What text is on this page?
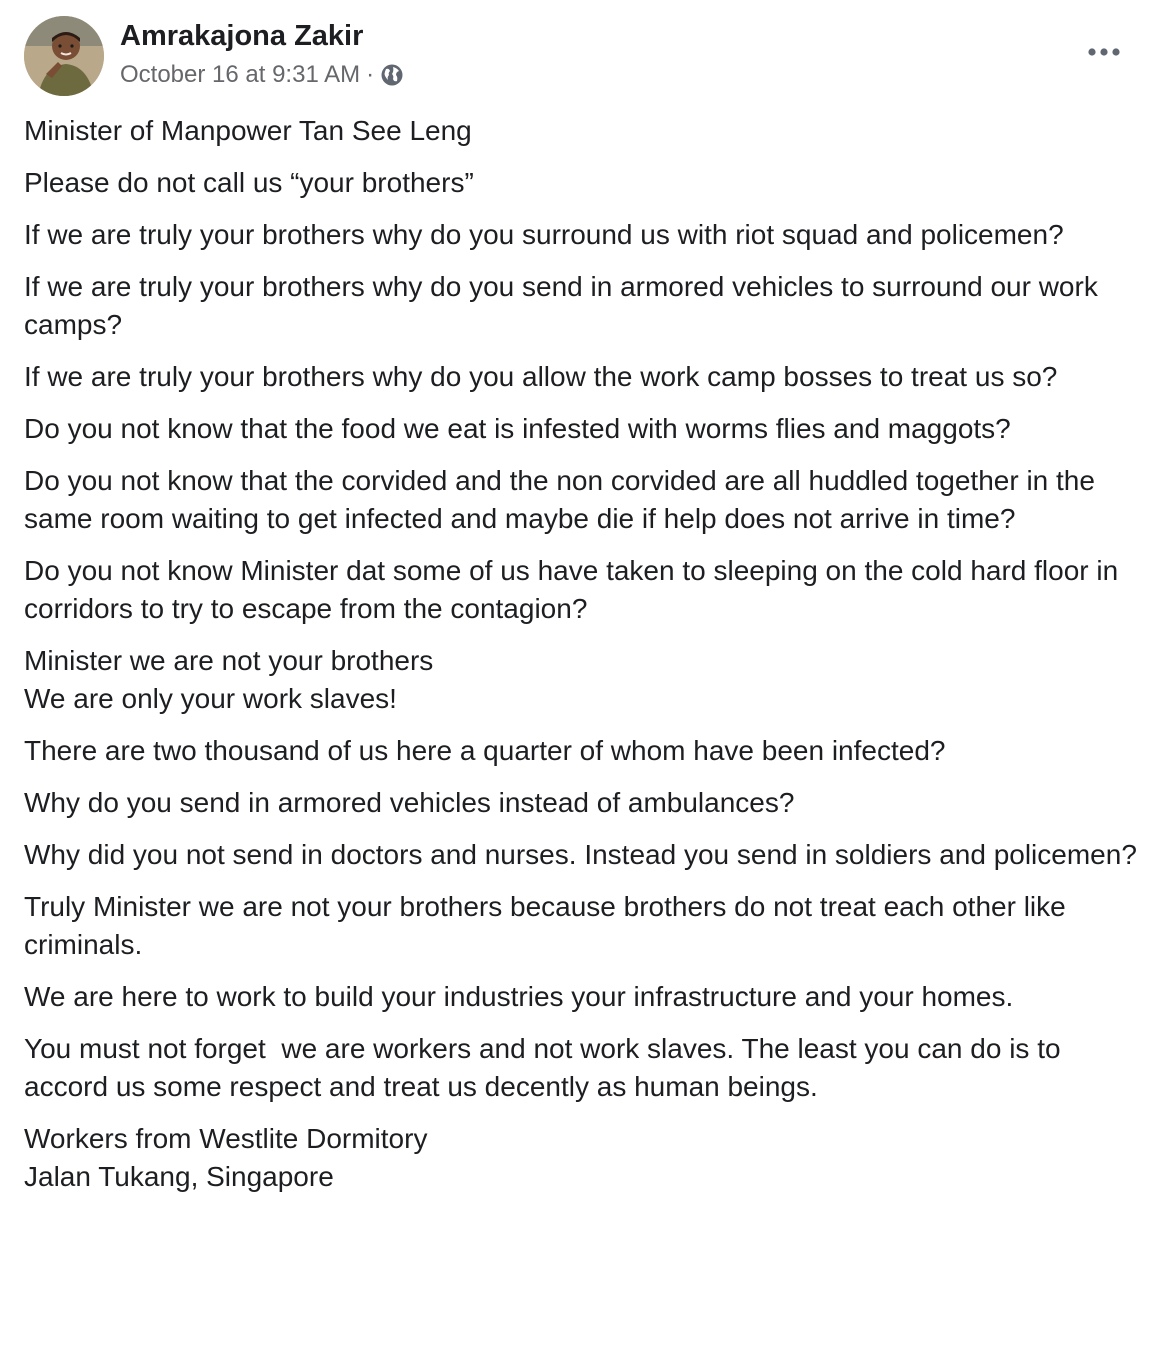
Amrakajona Zakir
October 16 at 9:31 AM ·
Minister of Manpower Tan See Leng
Please do not call us “your brothers”
If we are truly your brothers why do you surround us with riot squad and policemen?
If we are truly your brothers why do you send in armored vehicles to surround our work camps?
If we are truly your brothers why do you allow the work camp bosses to treat us so?
Do you not know that the food we eat is infested with worms flies and maggots?
Do you not know that the corvided and the non corvided are all huddled together in the same room waiting to get infected and maybe die if help does not arrive in time?
Do you not know Minister dat some of us have taken to sleeping on the cold hard floor in corridors to try to escape from the contagion?
Minister we are not your brothers
We are only your work slaves!
There are two thousand of us here a quarter of whom have been infected?
Why do you send in armored vehicles instead of ambulances?
Why did you not send in doctors and nurses. Instead you send in soldiers and policemen?
Truly Minister we are not your brothers because brothers do not treat each other like criminals.
We are here to work to build your industries your infrastructure and your homes.
You must not forget  we are workers and not work slaves. The least you can do is to accord us some respect and treat us decently as human beings.
Workers from Westlite Dormitory
Jalan Tukang, Singapore
